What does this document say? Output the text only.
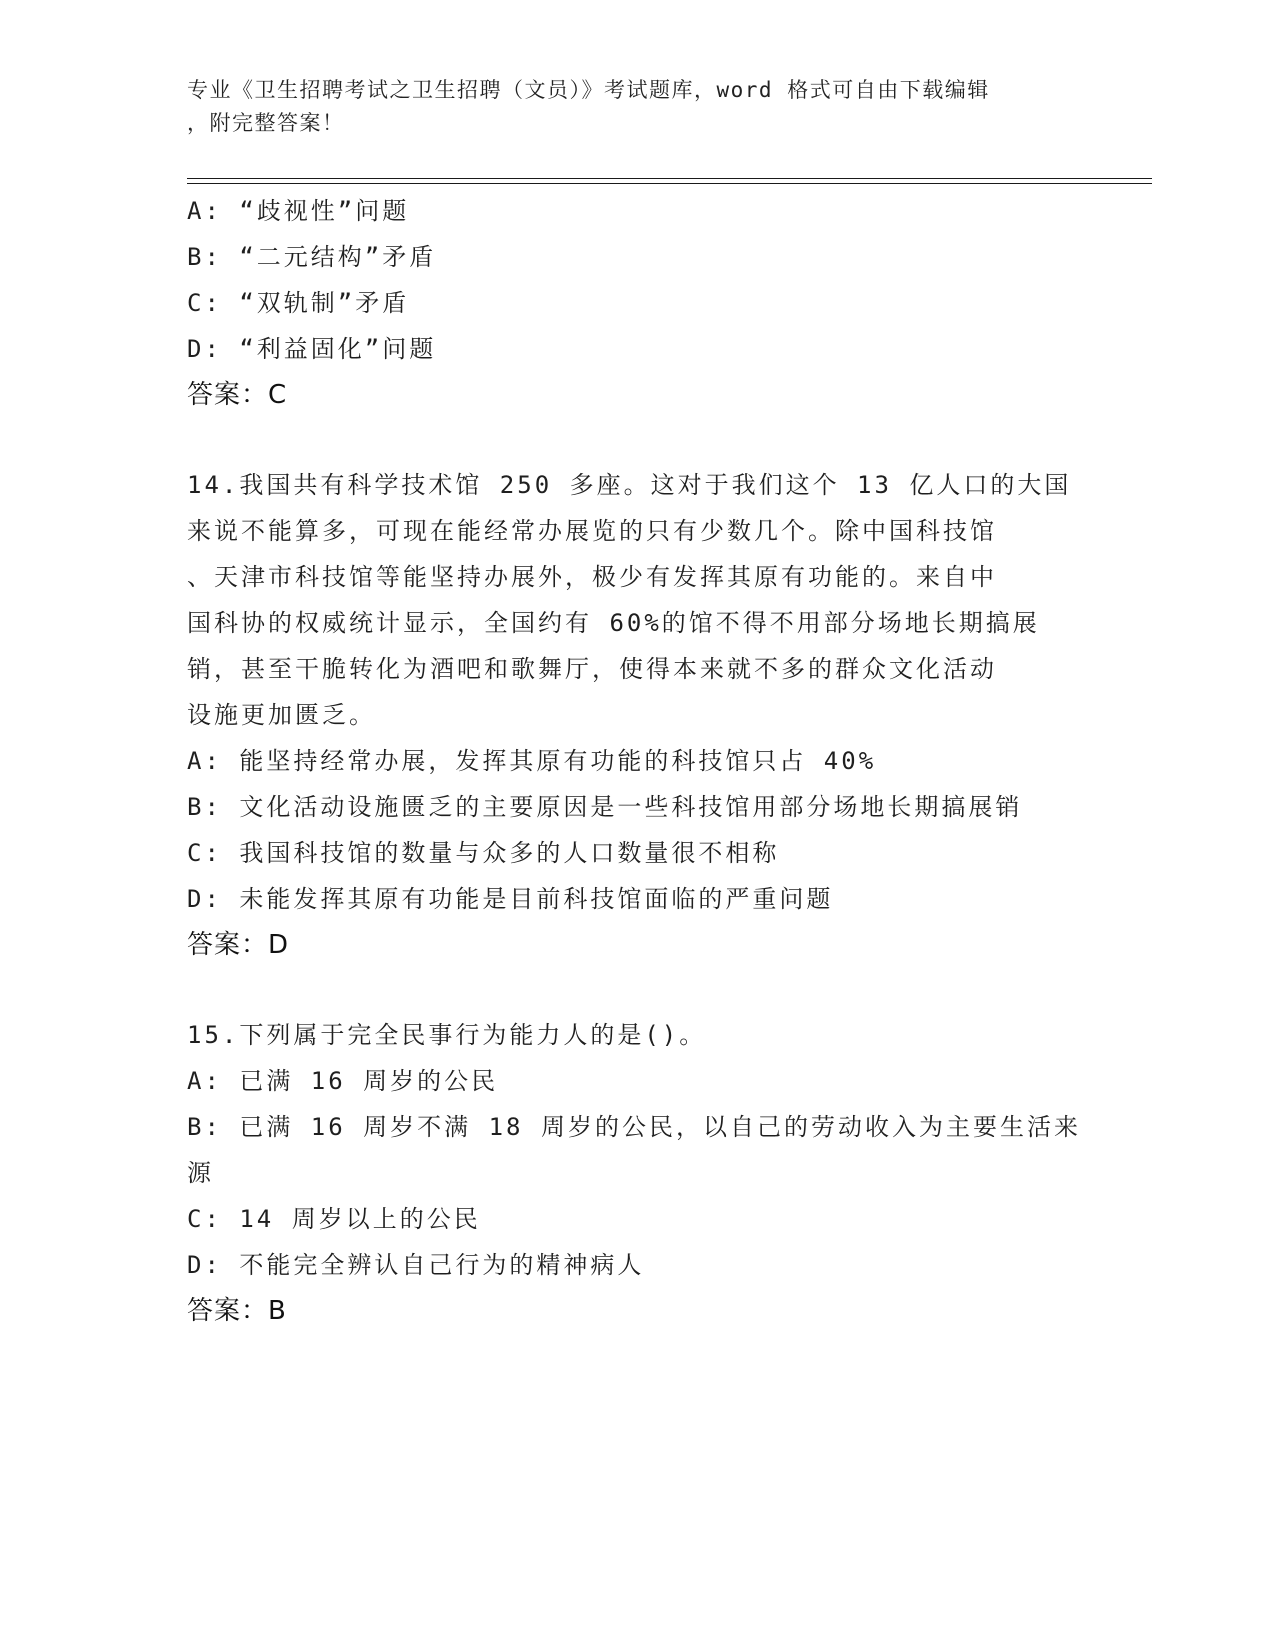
专业《卫生招聘考试之卫生招聘（文员）》考试题库，word 格式可自由下载编辑
，附完整答案！
A: “歧视性”问题
B: “二元结构”矛盾
C: “双轨制”矛盾
D: “利益固化”问题
答案：C
14.我国共有科学技术馆 250 多座。这对于我们这个 13 亿人口的大国
来说不能算多，可现在能经常办展览的只有少数几个。除中国科技馆
、天津市科技馆等能坚持办展外，极少有发挥其原有功能的。来自中
国科协的权威统计显示，全国约有 60%的馆不得不用部分场地长期搞展
销，甚至干脆转化为酒吧和歌舞厅，使得本来就不多的群众文化活动
设施更加匮乏。
A: 能坚持经常办展，发挥其原有功能的科技馆只占 40%
B: 文化活动设施匮乏的主要原因是一些科技馆用部分场地长期搞展销
C: 我国科技馆的数量与众多的人口数量很不相称
D: 未能发挥其原有功能是目前科技馆面临的严重问题
答案：D
15.下列属于完全民事行为能力人的是()。
A: 已满 16 周岁的公民
B: 已满 16 周岁不满 18 周岁的公民，以自己的劳动收入为主要生活来
源
C: 14 周岁以上的公民
D: 不能完全辨认自己行为的精神病人
答案：B
